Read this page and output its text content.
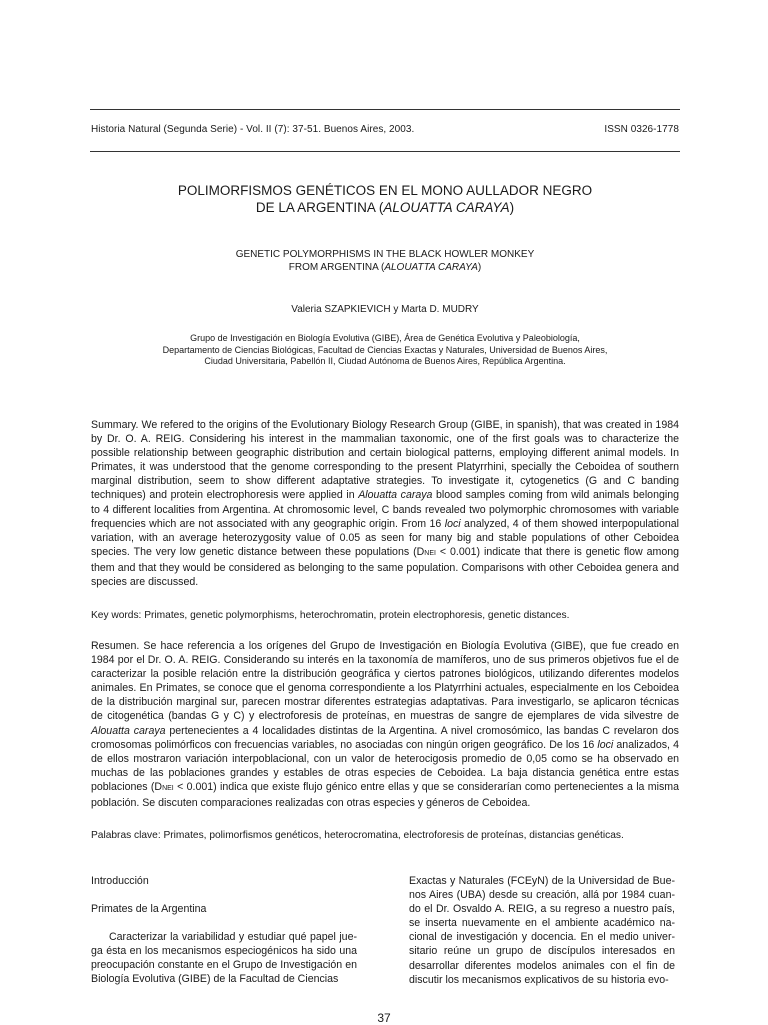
Historia Natural (Segunda Serie) - Vol. II (7): 37-51. Buenos Aires, 2003.	ISSN 0326-1778
POLIMORFISMOS GENÉTICOS EN EL MONO AULLADOR NEGRO
DE LA ARGENTINA (ALOUATTA CARAYA)
GENETIC POLYMORPHISMS IN THE BLACK HOWLER MONKEY
FROM ARGENTINA (ALOUATTA CARAYA)
Valeria SZAPKIEVICH y Marta D. MUDRY
Grupo de Investigación en Biología Evolutiva (GIBE), Área de Genética Evolutiva y Paleobiología,
Departamento de Ciencias Biológicas, Facultad de Ciencias Exactas y Naturales, Universidad de Buenos Aires,
Ciudad Universitaria, Pabellón II, Ciudad Autónoma de Buenos Aires, República Argentina.
Summary. We refered to the origins of the Evolutionary Biology Research Group (GIBE, in spanish), that was created in 1984 by Dr. O. A. REIG. Considering his interest in the mammalian taxonomic, one of the first goals was to characterize the possible relationship between geographic distribution and certain biological patterns, employing different animal models. In Primates, it was understood that the genome corresponding to the present Platyrrhini, specially the Ceboidea of southern marginal distribution, seem to show different adaptative strategies. To investigate it, cytogenetics (G and C banding techniques) and protein electrophoresis were applied in Alouatta caraya blood samples coming from wild animals belonging to 4 different localities from Argentina. At chromosomic level, C bands revealed two polymorphic chromosomes with variable frequencies which are not associated with any geographic origin. From 16 loci analyzed, 4 of them showed interpopulational variation, with an average heterozygosity value of 0.05 as seen for many big and stable populations of other Ceboidea species. The very low genetic distance between these populations (DNEI < 0.001) indicate that there is genetic flow among them and that they would be considered as belonging to the same population. Comparisons with other Ceboidea genera and species are discussed.
Key words: Primates, genetic polymorphisms, heterochromatin, protein electrophoresis, genetic distances.
Resumen. Se hace referencia a los orígenes del Grupo de Investigación en Biología Evolutiva (GIBE), que fue creado en 1984 por el Dr. O. A. REIG. Considerando su interés en la taxonomía de mamíferos, uno de sus primeros objetivos fue el de caracterizar la posible relación entre la distribución geográfica y ciertos patrones biológicos, utilizando diferentes modelos animales. En Primates, se conoce que el genoma correspondiente a los Platyrrhini actuales, especialmente en los Ceboidea de la distribución marginal sur, parecen mostrar diferentes estrategias adaptativas. Para investigarlo, se aplicaron técnicas de citogenética (bandas G y C) y electroforesis de proteínas, en muestras de sangre de ejemplares de vida silvestre de Alouatta caraya pertenecientes a 4 localidades distintas de la Argentina. A nivel cromosómico, las bandas C revelaron dos cromosomas polimórficos con frecuencias variables, no asociadas con ningún origen geográfico. De los 16 loci analizados, 4 de ellos mostraron variación interpoblacional, con un valor de heterocigosis promedio de 0,05 como se ha observado en muchas de las poblaciones grandes y estables de otras especies de Ceboidea. La baja distancia genética entre estas poblaciones (DNEI < 0.001) indica que existe flujo génico entre ellas y que se considerarían como pertenecientes a la misma población. Se discuten comparaciones realizadas con otras especies y géneros de Ceboidea.
Palabras clave: Primates, polimorfismos genéticos, heterocromatina, electroforesis de proteínas, distancias genéticas.

Introducción

Primates de la Argentina

Caracterizar la variabilidad y estudiar qué papel jue-ga ésta en los mecanismos especiogénicos ha sido una preocupación constante en el Grupo de Investigación en Biología Evolutiva (GIBE) de la Facultad de Ciencias

Exactas y Naturales (FCEyN) de la Universidad de Bue-nos Aires (UBA) desde su creación, allá por 1984 cuan-do el Dr. Osvaldo A. REIG, a su regreso a nuestro país, se inserta nuevamente en el ambiente académico na-cional de investigación y docencia. En el medio univer-sitario reúne un grupo de discípulos interesados en desarrollar diferentes modelos animales con el fin de discutir los mecanismos explicativos de su historia evo-

37
